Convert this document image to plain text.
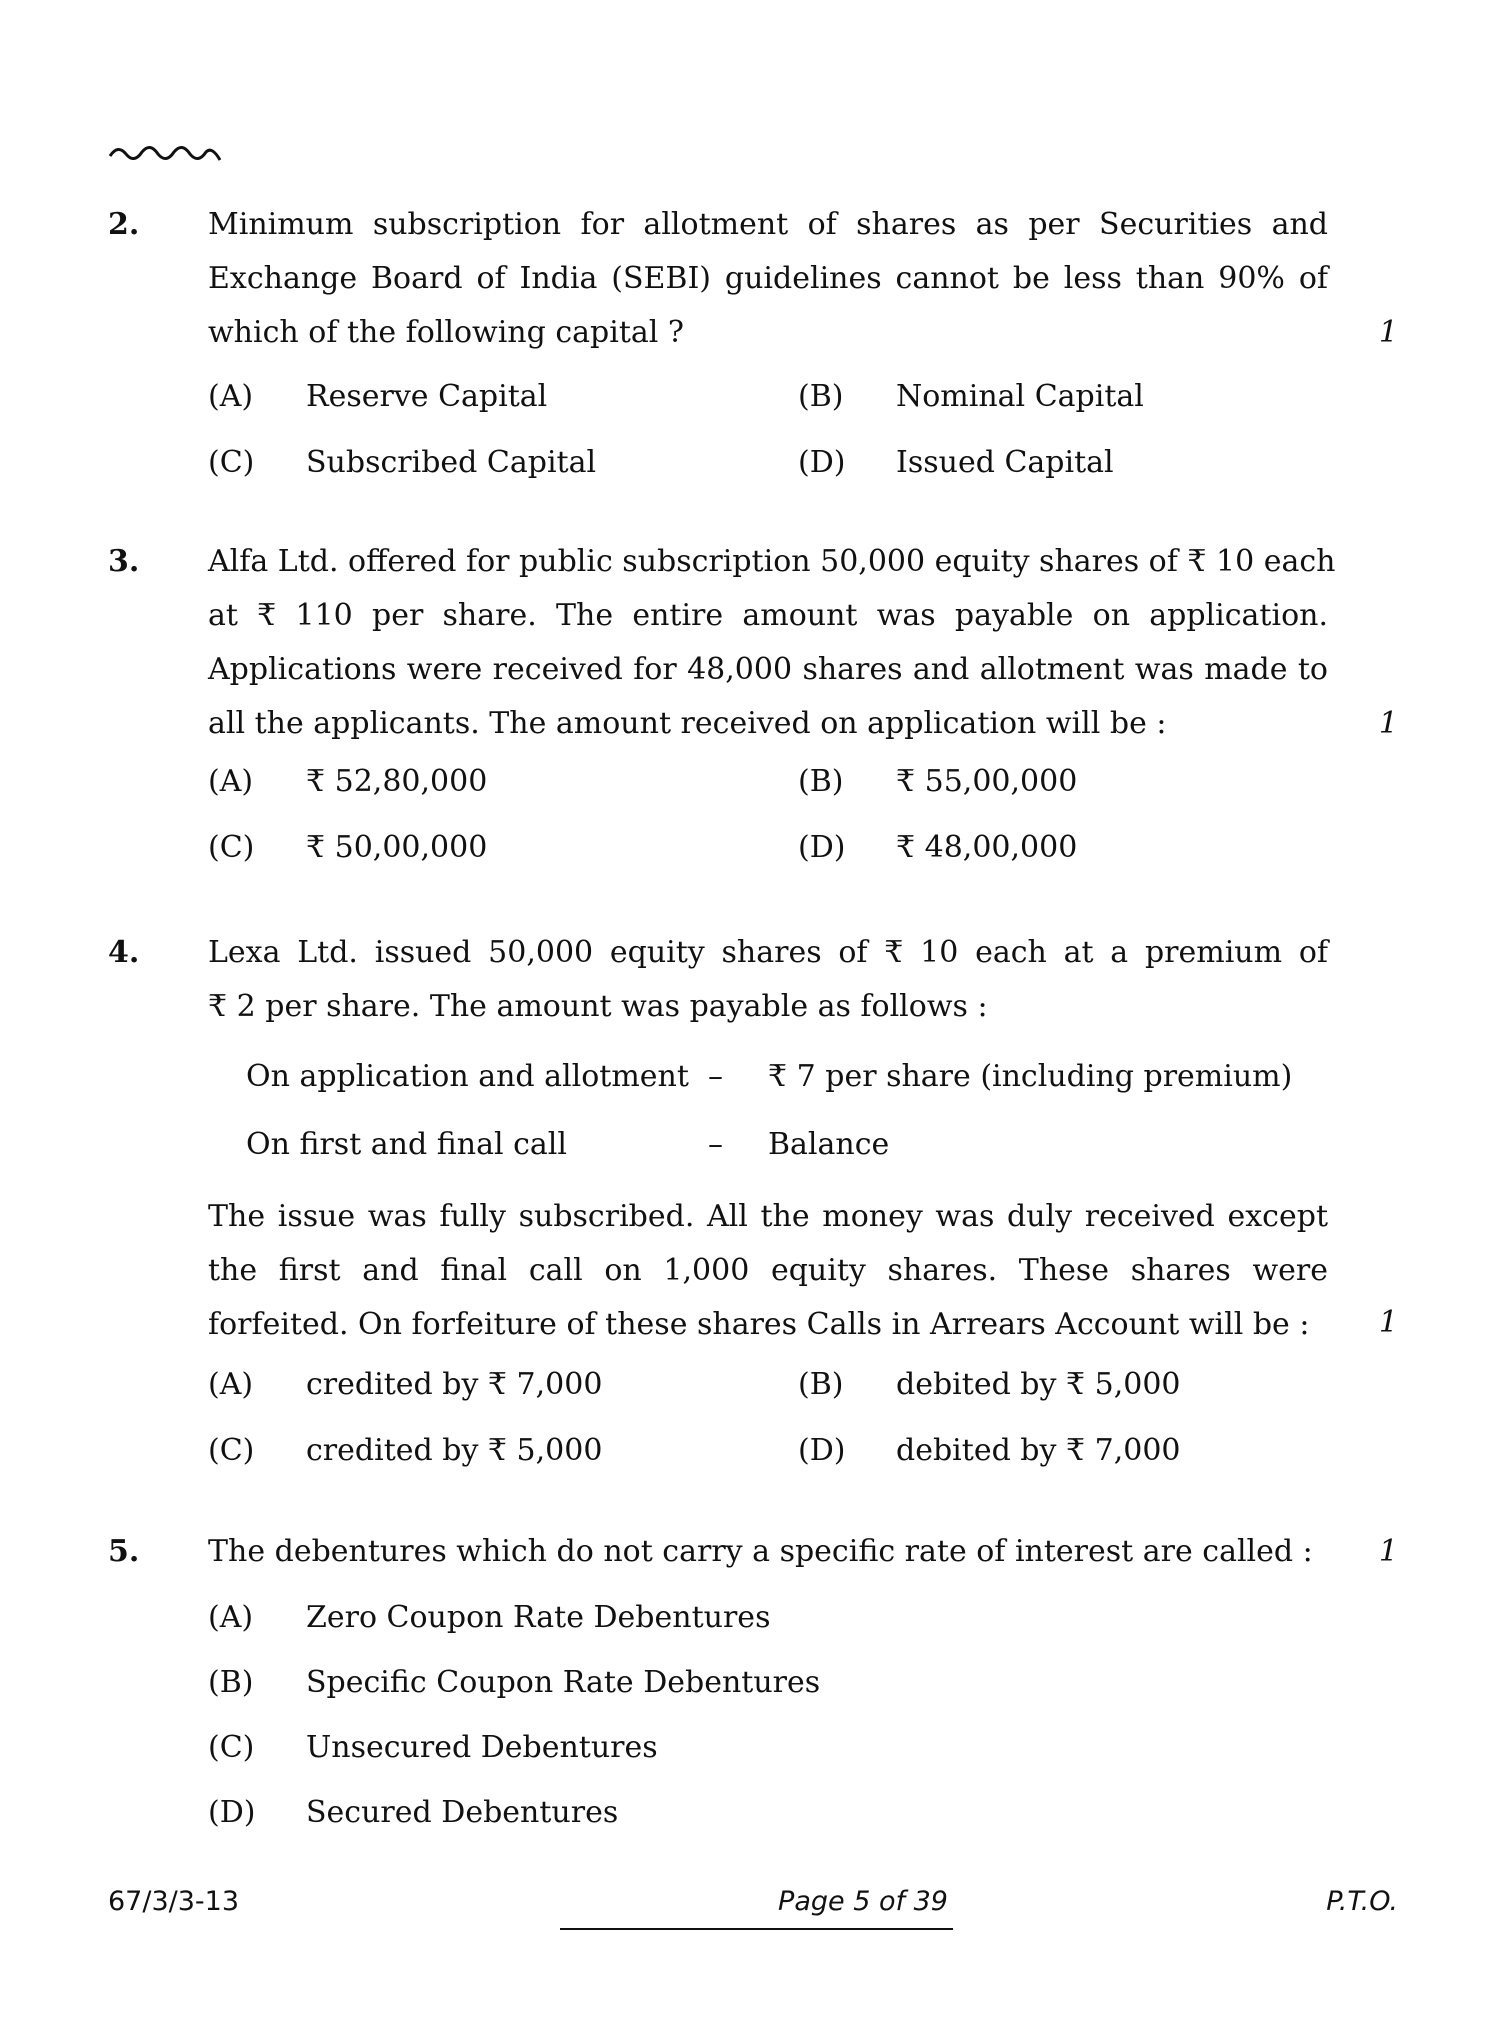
2. Minimum subscription for allotment of shares as per Securities and
Exchange Board of India (SEBI) guidelines cannot be less than 90% of
which of the following capital ?	1
(A) Reserve Capital	(B) Nominal Capital
(C) Subscribed Capital	(D) Issued Capital
3. Alfa Ltd. offered for public subscription 50,000 equity shares of ₹ 10 each
at ₹ 110 per share. The entire amount was payable on application.
Applications were received for 48,000 shares and allotment was made to
all the applicants. The amount received on application will be :	1
(A) ₹ 52,80,000	(B) ₹ 55,00,000
(C) ₹ 50,00,000	(D) ₹ 48,00,000
4. Lexa Ltd. issued 50,000 equity shares of ₹ 10 each at a premium of
₹ 2 per share. The amount was payable as follows :
On application and allotment – ₹ 7 per share (including premium)
On first and final call	– Balance
The issue was fully subscribed. All the money was duly received except
the first and final call on 1,000 equity shares. These shares were
forfeited. On forfeiture of these shares Calls in Arrears Account will be :	1
(A) credited by ₹ 7,000	(B) debited by ₹ 5,000
(C) credited by ₹ 5,000	(D) debited by ₹ 7,000
5. The debentures which do not carry a specific rate of interest are called :	1
(A) Zero Coupon Rate Debentures
(B) Specific Coupon Rate Debentures
(C) Unsecured Debentures
(D) Secured Debentures
67/3/3-13	Page 5 of 39	P.T.O.
